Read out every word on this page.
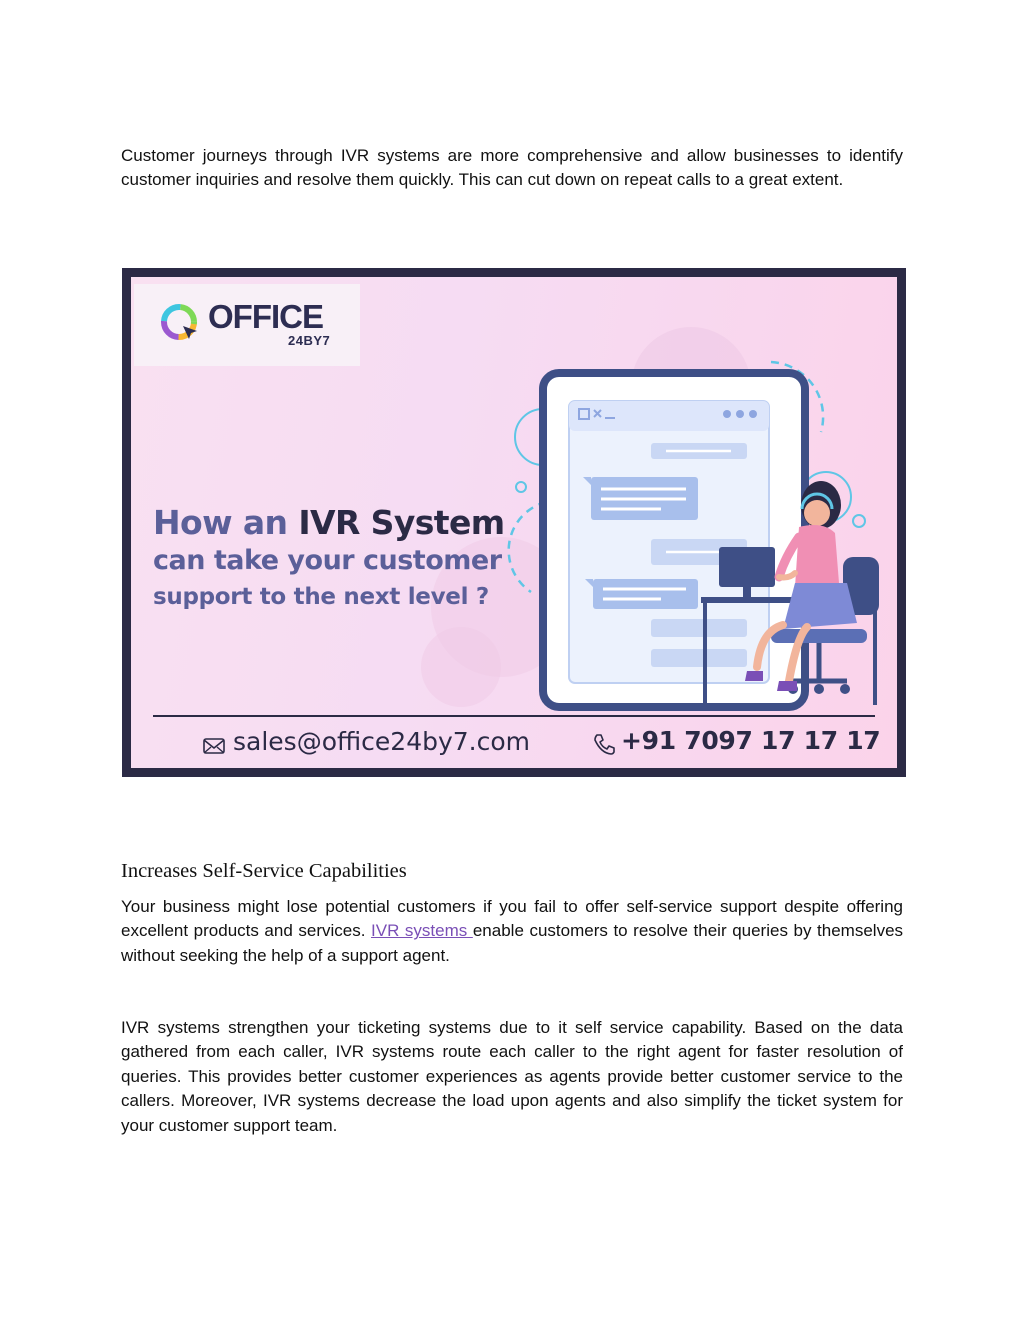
Customer journeys through IVR systems are more comprehensive and allow businesses to identify customer inquiries and resolve them quickly. This can cut down on repeat calls to a great extent.

OFFICE
24BY7
How an IVR System
can take your customer
support to the next level ?
sales@office24by7.com	+91 7097 17 17 17
Increases Self-Service Capabilities

Your business might lose potential customers if you fail to offer self-service support despite offering excellent products and services. IVR systems enable customers to resolve their queries by themselves without seeking the help of a support agent.

IVR systems strengthen your ticketing systems due to it self service capability. Based on the data gathered from each caller, IVR systems route each caller to the right agent for faster resolution of queries. This provides better customer experiences as agents provide better customer service to the callers. Moreover, IVR systems decrease the load upon agents and also simplify the ticket system for your customer support team.
